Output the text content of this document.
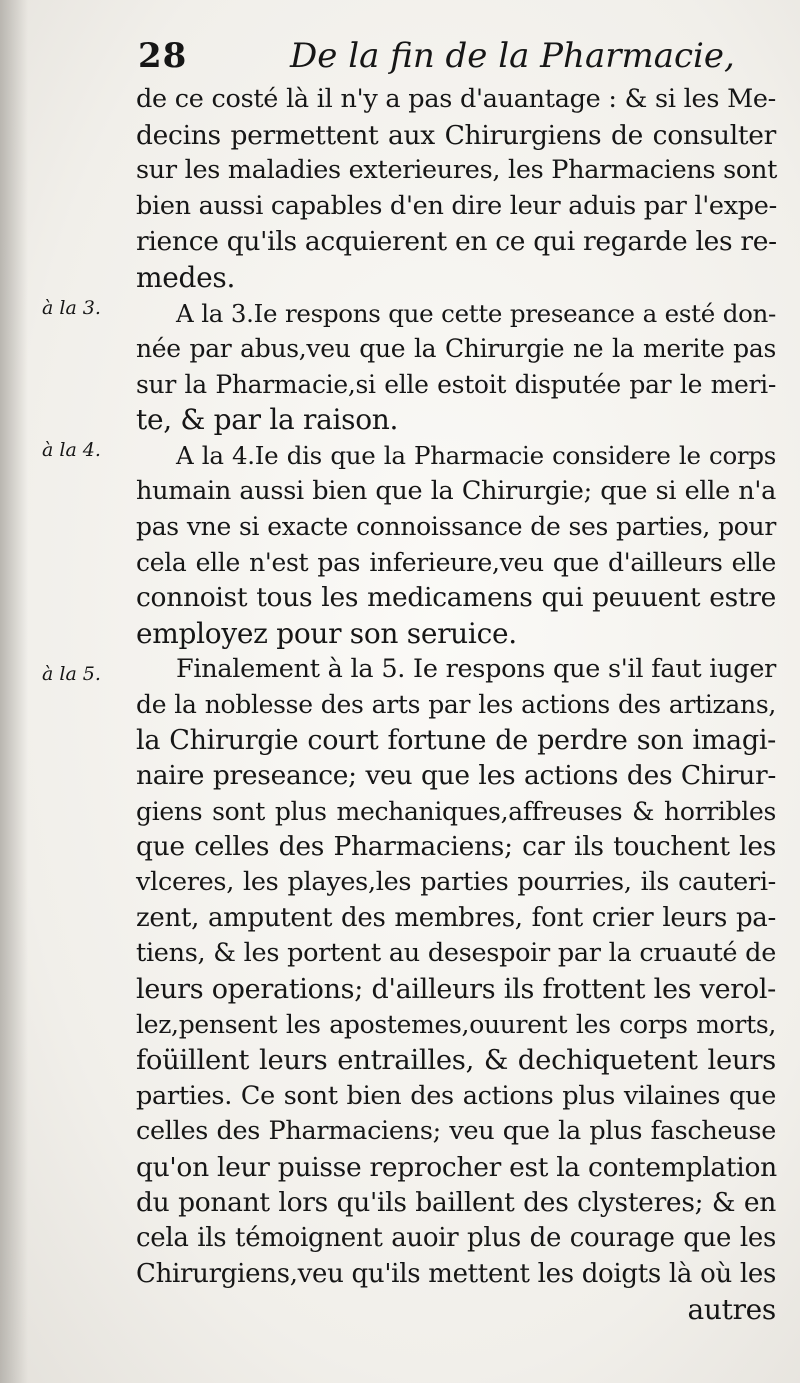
28	De la fin de la Pharmacie,
à la 3.
à la 4.
à la 5.
de ce costé là il n'y a pas d'auantage : & si les Me-
decins permettent aux Chirurgiens de consulter
sur les maladies exterieures, les Pharmaciens sont
bien aussi capables d'en dire leur aduis par l'expe-
rience qu'ils acquierent en ce qui regarde les re-
medes.
A la 3.Ie respons que cette preseance a esté don-
née par abus,veu que la Chirurgie ne la merite pas
sur la Pharmacie,si elle estoit disputée par le meri-
te, & par la raison.
A la 4.Ie dis que la Pharmacie considere le corps
humain aussi bien que la Chirurgie; que si elle n'a
pas vne si exacte connoissance de ses parties, pour
cela elle n'est pas inferieure,veu que d'ailleurs elle
connoist tous les medicamens qui peuuent estre
employez pour son seruice.
Finalement à la 5. Ie respons que s'il faut iuger
de la noblesse des arts par les actions des artizans,
la Chirurgie court fortune de perdre son imagi-
naire preseance; veu que les actions des Chirur-
giens sont plus mechaniques,affreuses & horribles
que celles des Pharmaciens; car ils touchent les
vlceres, les playes,les parties pourries, ils cauteri-
zent, amputent des membres, font crier leurs pa-
tiens, & les portent au desespoir par la cruauté de
leurs operations; d'ailleurs ils frottent les verol-
lez,pensent les apostemes,ouurent les corps morts,
foüillent leurs entrailles, & dechiquetent leurs
parties. Ce sont bien des actions plus vilaines que
celles des Pharmaciens; veu que la plus fascheuse
qu'on leur puisse reprocher est la contemplation
du ponant lors qu'ils baillent des clysteres; & en
cela ils témoignent auoir plus de courage que les
Chirurgiens,veu qu'ils mettent les doigts là où les
autres
